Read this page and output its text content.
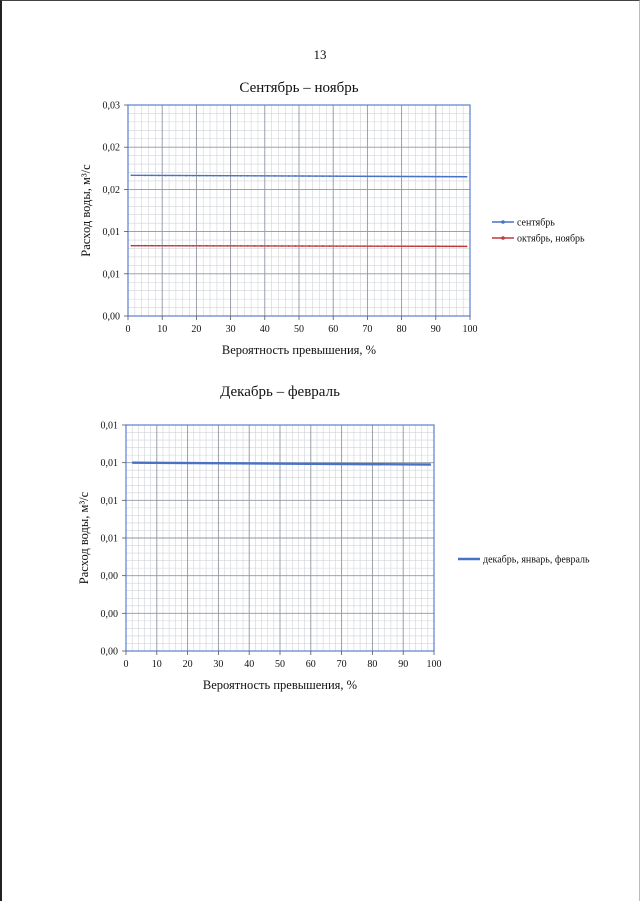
13
Сентябрь – ноябрь
0	10 20 30 40 50 60 70 80 90 100
0,00
0,01
0,01
0,02
0,02
0,03
Вероятность превышения, %
Расход воды, м³/с	сентябрь
октябрь, ноябрь
Декабрь – февраль
0 10 20 30 40 50 60 70 80 90 100
0,00
0,00
0,00
0,01
0,01
0,01
0,01
Вероятность превышения, %
Расход воды, м³/с	декабрь, январь, февраль
